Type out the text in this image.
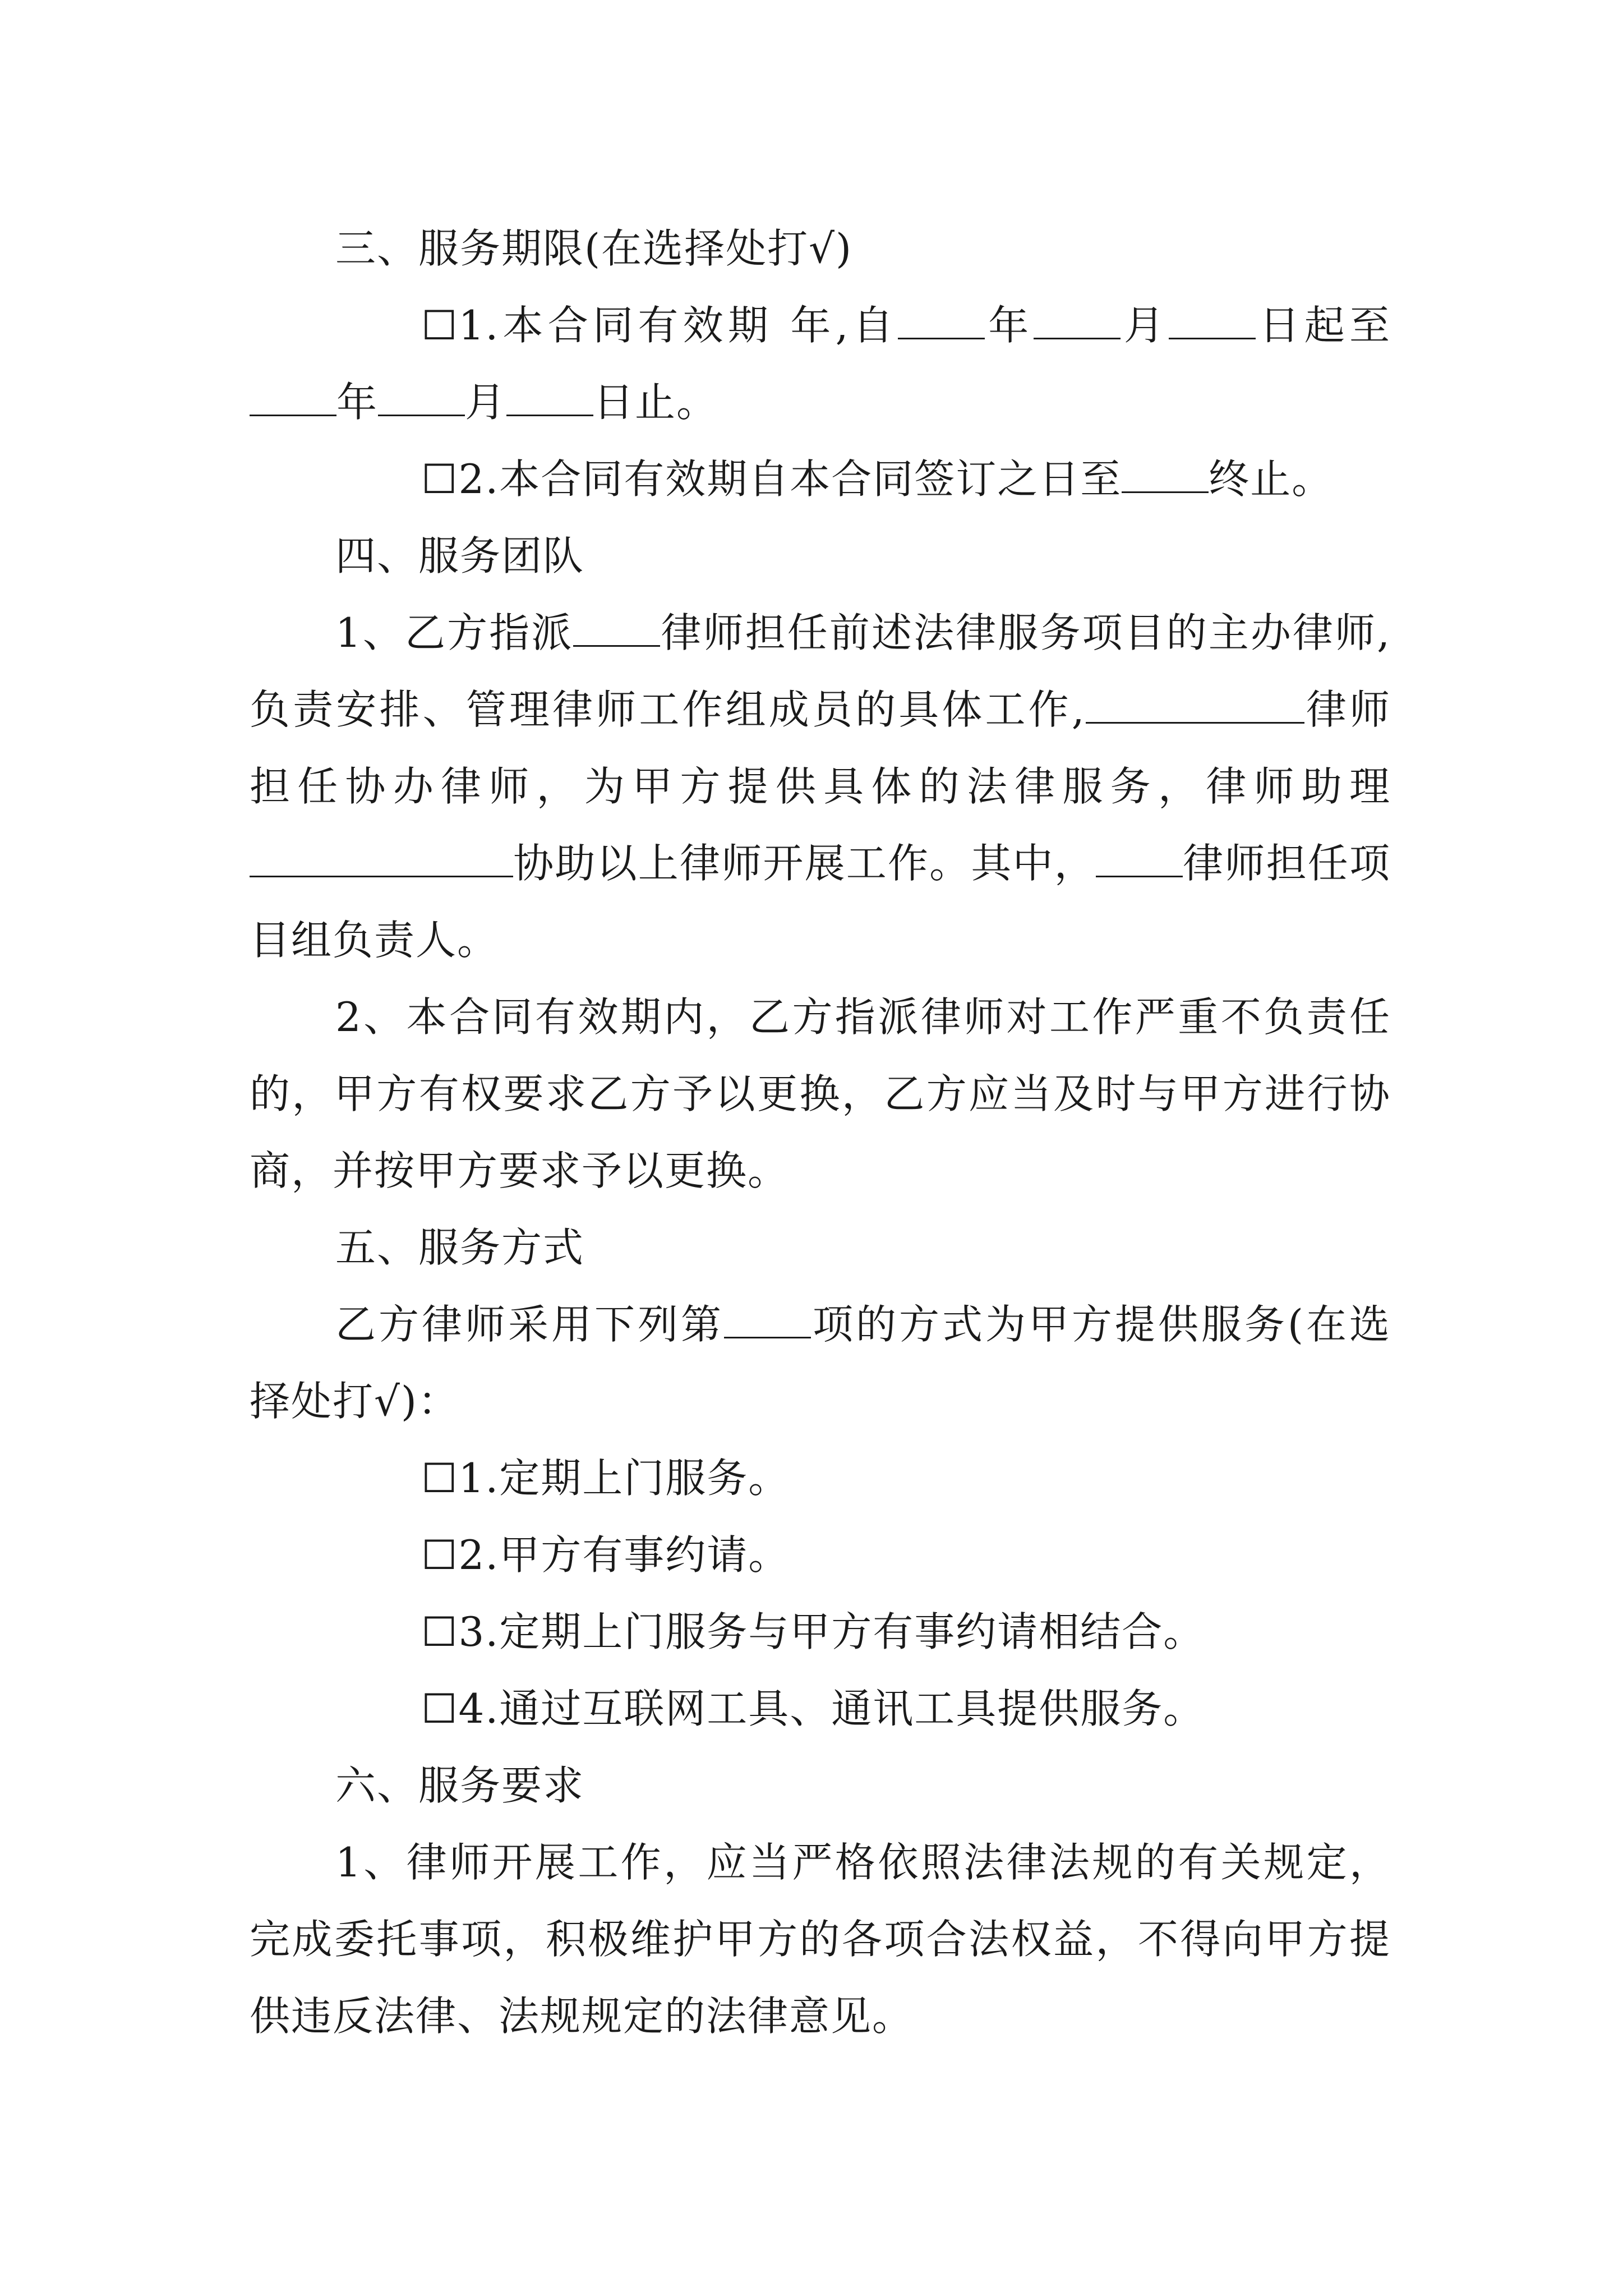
三、服务期限(在选择处打√)

☐1.本合同有效期 年,自 年 月 日起至年 月 日止。

☐2.本合同有效期自本合同签订之日至 终止。

四、服务团队

1、乙方指派 律师担任前述法律服务项目的主办律师,负责安排、管理律师工作组成员的具体工作,	律师担任协办律师，为甲方提供具体的法律服务，律师助理协助以上律师开展工作。其中， 律师担任项目组负责人。

2、本合同有效期内，乙方指派律师对工作严重不负责任的，甲方有权要求乙方予以更换，乙方应当及时与甲方进行协商，并按甲方要求予以更换。

五、服务方式

乙方律师采用下列第 项的方式为甲方提供服务(在选择处打√)：

☐1.定期上门服务。

☐2.甲方有事约请。

☐3.定期上门服务与甲方有事约请相结合。

☐4.通过互联网工具、通讯工具提供服务。

六、服务要求

1、律师开展工作，应当严格依照法律法规的有关规定，完成委托事项，积极维护甲方的各项合法权益，不得向甲方提供违反法律、法规规定的法律意见。
